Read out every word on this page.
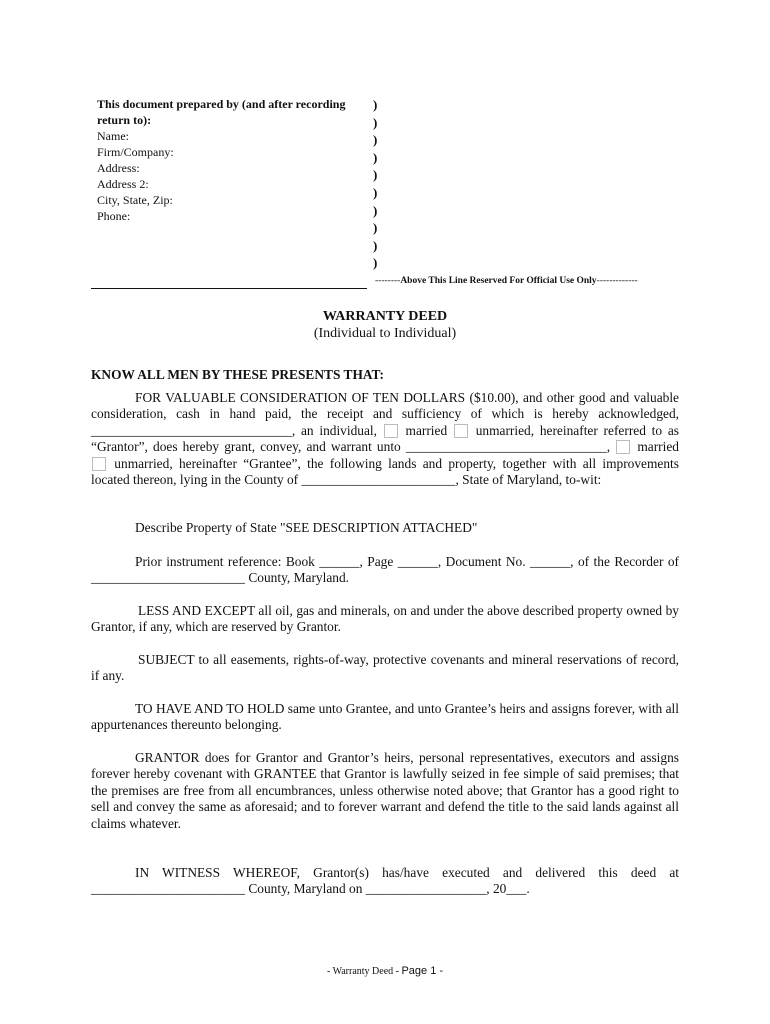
This document prepared by (and after recording return to):
Name:
Firm/Company:
Address:
Address 2:
City, State, Zip:
Phone:
)
)
)
)
)
)
)
)
)
)
--------Above This Line Reserved For Official Use Only-------------
WARRANTY DEED
(Individual to Individual)
KNOW ALL MEN BY THESE PRESENTS THAT:
FOR VALUABLE CONSIDERATION OF TEN DOLLARS ($10.00), and other good and valuable consideration, cash in hand paid, the receipt and sufficiency of which is hereby acknowledged, ______________________________, an individual, married unmarried, hereinafter referred to as “Grantor”, does hereby grant, convey, and warrant unto ______________________________, married  unmarried, hereinafter “Grantee”, the following lands and property, together with all improvements located thereon, lying in the County of _______________________, State of Maryland, to-wit:
Describe Property of State "SEE DESCRIPTION ATTACHED"
Prior instrument reference: Book ______, Page ______, Document No. ______, of the Recorder of _______________________ County, Maryland.
LESS AND EXCEPT all oil, gas and minerals, on and under the above described property owned by Grantor, if any, which are reserved by Grantor.
SUBJECT to all easements, rights-of-way, protective covenants and mineral reservations of record, if any.
TO HAVE AND TO HOLD same unto Grantee, and unto Grantee’s heirs and assigns forever, with all appurtenances thereunto belonging.
GRANTOR does for Grantor and Grantor’s heirs, personal representatives, executors and assigns forever hereby covenant with GRANTEE that Grantor is lawfully seized in fee simple of said premises; that the premises are free from all encumbrances, unless otherwise noted above; that Grantor has a good right to sell and convey the same as aforesaid; and to forever warrant and defend the title to the said lands against all claims whatever.
IN WITNESS WHEREOF, Grantor(s) has/have executed and delivered this deed at _______________________ County, Maryland on __________________, 20___.
- Warranty Deed - Page 1 -
